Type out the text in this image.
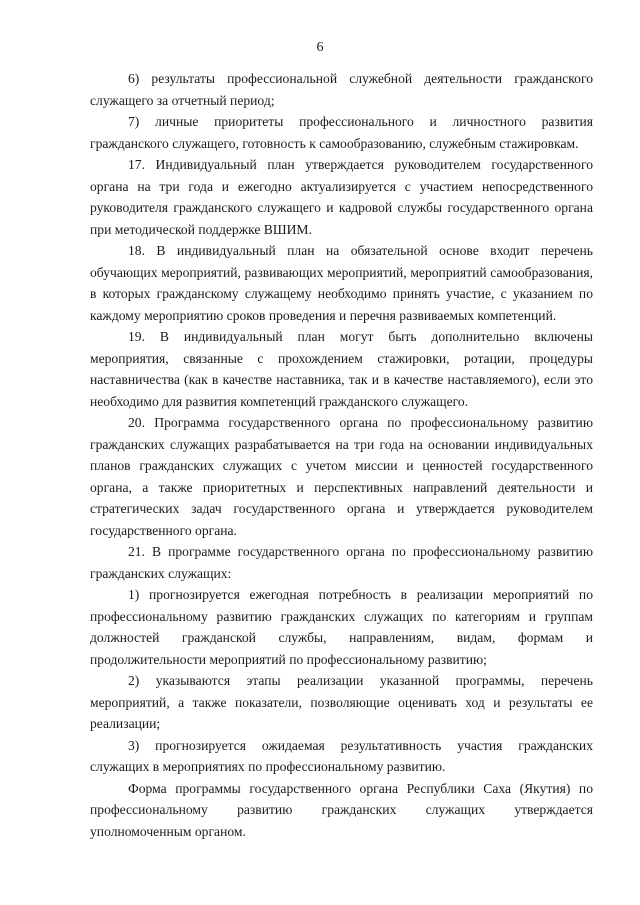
6

6) результаты профессиональной служебной деятельности гражданского служащего за отчетный период;

7) личные приоритеты профессионального и личностного развития гражданского служащего, готовность к самообразованию, служебным стажировкам.

17. Индивидуальный план утверждается руководителем государственного органа на три года и ежегодно актуализируется с участием непосредственного руководителя гражданского служащего и кадровой службы государственного органа при методической поддержке ВШИМ.

18. В индивидуальный план на обязательной основе входит перечень обучающих мероприятий, развивающих мероприятий, мероприятий самообразования, в которых гражданскому служащему необходимо принять участие, с указанием по каждому мероприятию сроков проведения и перечня развиваемых компетенций.

19. В индивидуальный план могут быть дополнительно включены мероприятия, связанные с прохождением стажировки, ротации, процедуры наставничества (как в качестве наставника, так и в качестве наставляемого), если это необходимо для развития компетенций гражданского служащего.

20. Программа государственного органа по профессиональному развитию гражданских служащих разрабатывается на три года на основании индивидуальных планов гражданских служащих с учетом миссии и ценностей государственного органа, а также приоритетных и перспективных направлений деятельности и стратегических задач государственного органа и утверждается руководителем государственного органа.

21. В программе государственного органа по профессиональному развитию гражданских служащих:

1) прогнозируется ежегодная потребность в реализации мероприятий по профессиональному развитию гражданских служащих по категориям и группам должностей гражданской службы, направлениям, видам, формам и продолжительности мероприятий по профессиональному развитию;

2) указываются этапы реализации указанной программы, перечень мероприятий, а также показатели, позволяющие оценивать ход и результаты ее реализации;

3) прогнозируется ожидаемая результативность участия гражданских служащих в мероприятиях по профессиональному развитию.

Форма программы государственного органа Республики Саха (Якутия) по профессиональному развитию гражданских служащих утверждается уполномоченным органом.
